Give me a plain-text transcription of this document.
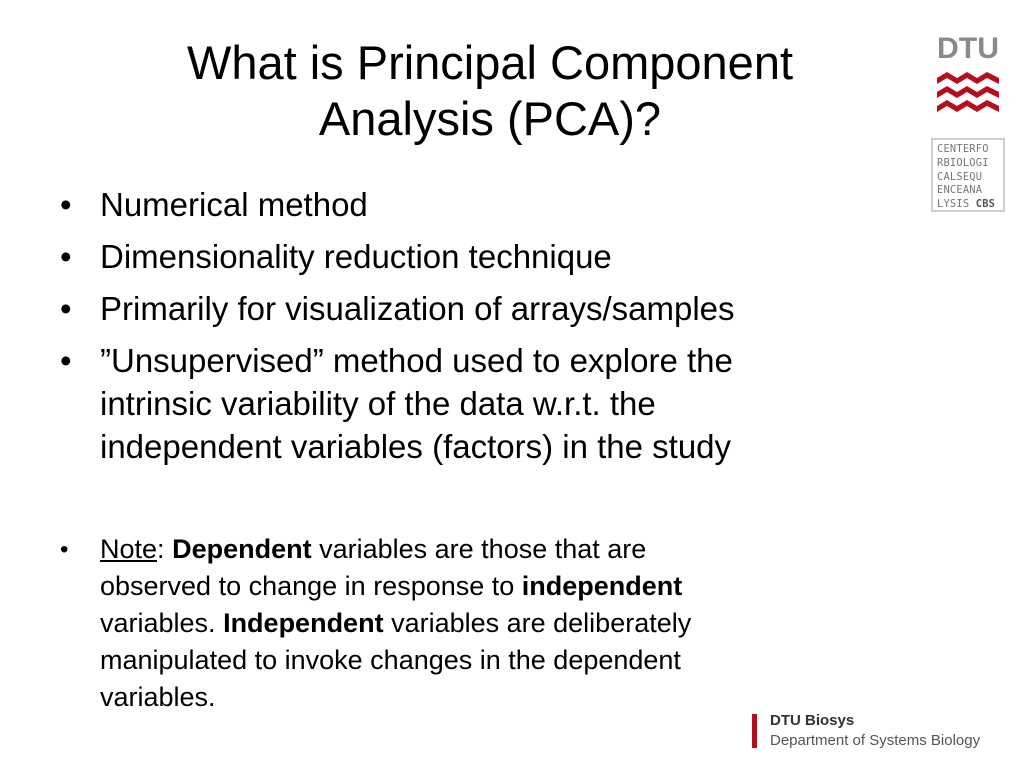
What is Principal Component
Analysis (PCA)?
• Numerical method
• Dimensionality reduction technique
• Primarily for visualization of arrays/samples
• ”Unsupervised” method used to explore the
intrinsic variability of the data w.r.t. the
independent variables (factors) in the study
• Note: Dependent variables are those that are
observed to change in response to independent
variables. Independent variables are deliberately
manipulated to invoke changes in the dependent
variables.
DTU
CENTERFO
RBIOLOGI
CALSEQU
ENCEANA
LYSIS CBS
DTU Biosys
Department of Systems Biology
